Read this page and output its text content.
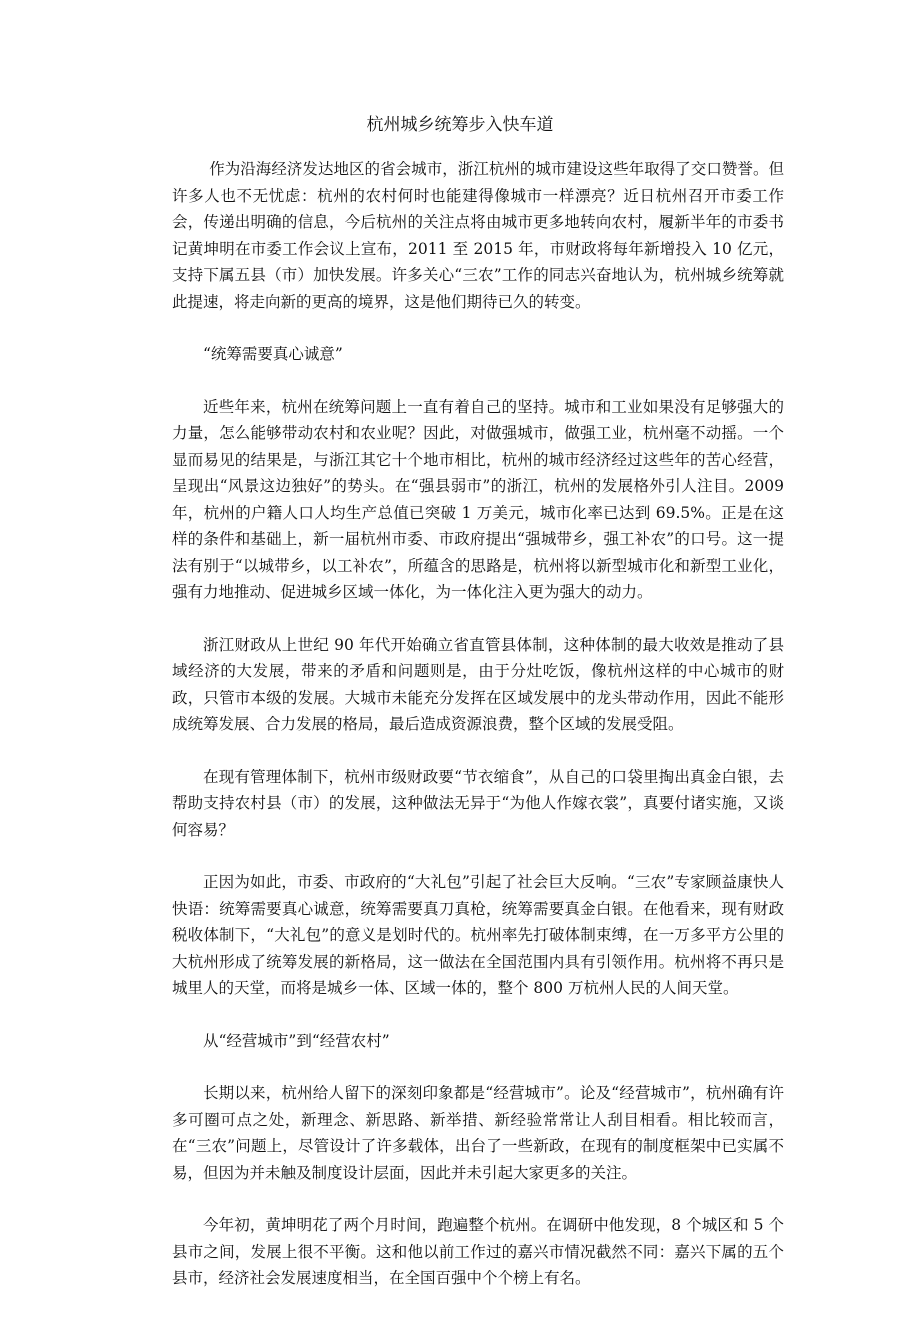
杭州城乡统筹步入快车道

作为沿海经济发达地区的省会城市，浙江杭州的城市建设这些年取得了交口赞誉。但许多人也不无忧虑：杭州的农村何时也能建得像城市一样漂亮？近日杭州召开市委工作会，传递出明确的信息，今后杭州的关注点将由城市更多地转向农村，履新半年的市委书记黄坤明在市委工作会议上宣布，2011 至 2015 年，市财政将每年新增投入 10 亿元，支持下属五县（市）加快发展。许多关心“三农”工作的同志兴奋地认为，杭州城乡统筹就此提速，将走向新的更高的境界，这是他们期待已久的转变。

“统筹需要真心诚意”

近些年来，杭州在统筹问题上一直有着自己的坚持。城市和工业如果没有足够强大的力量，怎么能够带动农村和农业呢？因此，对做强城市，做强工业，杭州毫不动摇。一个显而易见的结果是，与浙江其它十个地市相比，杭州的城市经济经过这些年的苦心经营，呈现出“风景这边独好”的势头。在“强县弱市”的浙江，杭州的发展格外引人注目。2009 年，杭州的户籍人口人均生产总值已突破 1 万美元，城市化率已达到 69.5%。正是在这样的条件和基础上，新一届杭州市委、市政府提出“强城带乡，强工补农”的口号。这一提法有别于“以城带乡，以工补农”，所蕴含的思路是，杭州将以新型城市化和新型工业化，强有力地推动、促进城乡区域一体化，为一体化注入更为强大的动力。

浙江财政从上世纪 90 年代开始确立省直管县体制，这种体制的最大收效是推动了县域经济的大发展，带来的矛盾和问题则是，由于分灶吃饭，像杭州这样的中心城市的财政，只管市本级的发展。大城市未能充分发挥在区域发展中的龙头带动作用，因此不能形成统筹发展、合力发展的格局，最后造成资源浪费，整个区域的发展受阻。

在现有管理体制下，杭州市级财政要“节衣缩食”，从自己的口袋里掏出真金白银，去帮助支持农村县（市）的发展，这种做法无异于“为他人作嫁衣裳”，真要付诸实施，又谈何容易？

正因为如此，市委、市政府的“大礼包”引起了社会巨大反响。“三农”专家顾益康快人快语：统筹需要真心诚意，统筹需要真刀真枪，统筹需要真金白银。在他看来，现有财政税收体制下，“大礼包”的意义是划时代的。杭州率先打破体制束缚，在一万多平方公里的大杭州形成了统筹发展的新格局，这一做法在全国范围内具有引领作用。杭州将不再只是城里人的天堂，而将是城乡一体、区域一体的，整个 800 万杭州人民的人间天堂。

从“经营城市”到“经营农村”

长期以来，杭州给人留下的深刻印象都是“经营城市”。论及“经营城市”，杭州确有许多可圈可点之处，新理念、新思路、新举措、新经验常常让人刮目相看。相比较而言，在“三农”问题上，尽管设计了许多载体，出台了一些新政，在现有的制度框架中已实属不易，但因为并未触及制度设计层面，因此并未引起大家更多的关注。

今年初，黄坤明花了两个月时间，跑遍整个杭州。在调研中他发现，8 个城区和 5 个县市之间，发展上很不平衡。这和他以前工作过的嘉兴市情况截然不同：嘉兴下属的五个县市，经济社会发展速度相当，在全国百强中个个榜上有名。
